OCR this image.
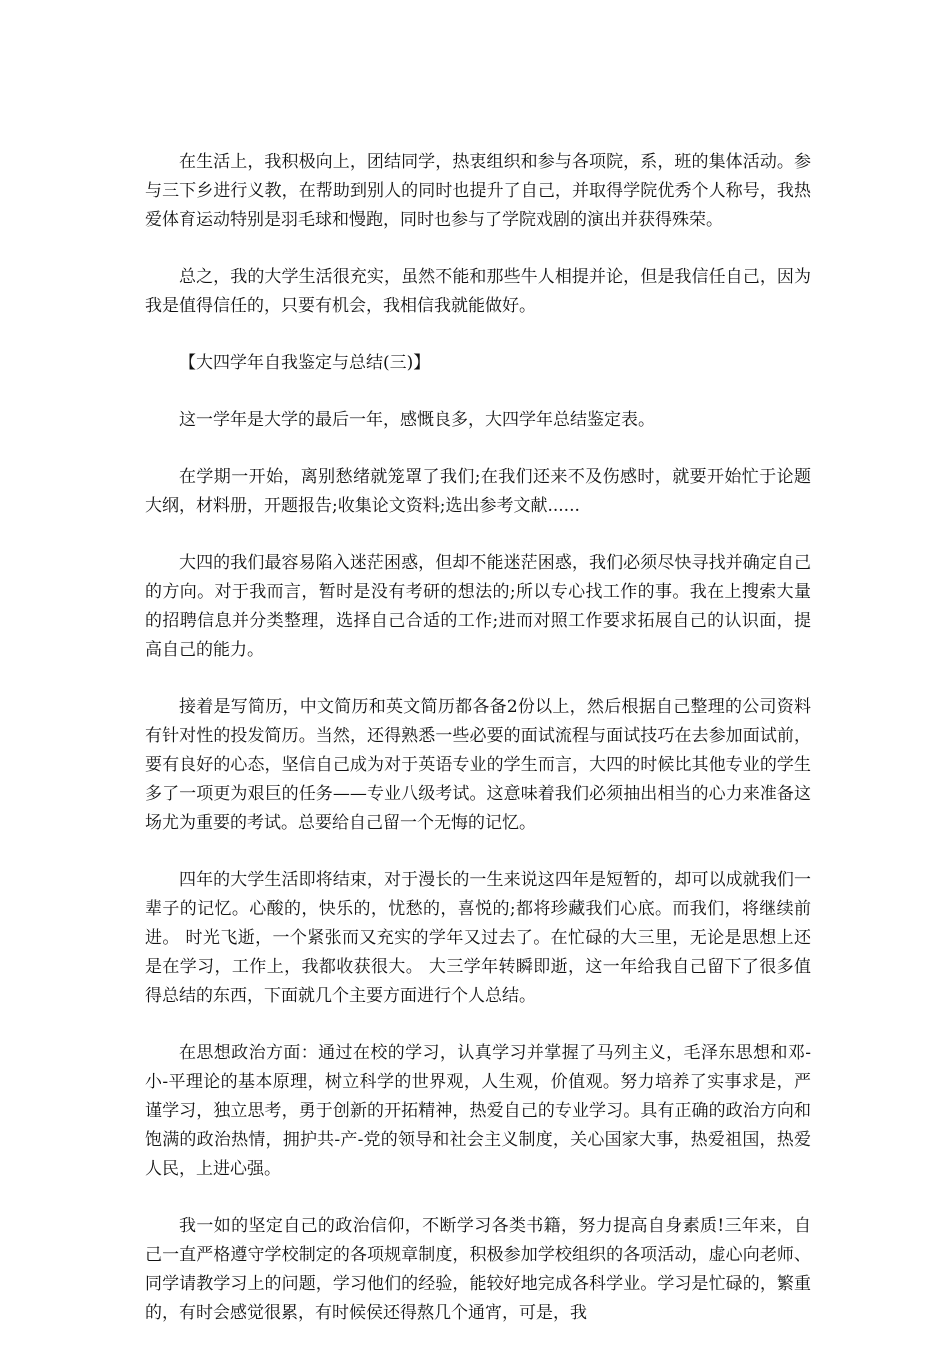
在生活上，我积极向上，团结同学，热衷组织和参与各项院，系，班的集体活动。参与三下乡进行义教，在帮助到别人的同时也提升了自己，并取得学院优秀个人称号，我热爱体育运动特别是羽毛球和慢跑，同时也参与了学院戏剧的演出并获得殊荣。

总之，我的大学生活很充实，虽然不能和那些牛人相提并论，但是我信任自己，因为我是值得信任的，只要有机会，我相信我就能做好。

【大四学年自我鉴定与总结(三)】

这一学年是大学的最后一年，感慨良多，大四学年总结鉴定表。

在学期一开始，离别愁绪就笼罩了我们;在我们还来不及伤感时，就要开始忙于论题大纲，材料册，开题报告;收集论文资料;选出参考文献......

大四的我们最容易陷入迷茫困惑，但却不能迷茫困惑，我们必须尽快寻找并确定自己的方向。对于我而言，暂时是没有考研的想法的;所以专心找工作的事。我在上搜索大量的招聘信息并分类整理，选择自己合适的工作;进而对照工作要求拓展自己的认识面，提高自己的能力。

接着是写简历，中文简历和英文简历都各备2份以上，然后根据自己整理的公司资料有针对性的投发简历。当然，还得熟悉一些必要的面试流程与面试技巧在去参加面试前，要有良好的心态，坚信自己成为对于英语专业的学生而言，大四的时候比其他专业的学生多了一项更为艰巨的任务——专业八级考试。这意味着我们必须抽出相当的心力来准备这场尤为重要的考试。总要给自己留一个无悔的记忆。

四年的大学生活即将结束，对于漫长的一生来说这四年是短暂的，却可以成就我们一辈子的记忆。心酸的，快乐的，忧愁的，喜悦的;都将珍藏我们心底。而我们，将继续前进。 时光飞逝，一个紧张而又充实的学年又过去了。在忙碌的大三里，无论是思想上还是在学习，工作上，我都收获很大。 大三学年转瞬即逝，这一年给我自己留下了很多值得总结的东西，下面就几个主要方面进行个人总结。

在思想政治方面：通过在校的学习，认真学习并掌握了马列主义，毛泽东思想和邓-小-平理论的基本原理，树立科学的世界观，人生观，价值观。努力培养了实事求是，严谨学习，独立思考，勇于创新的开拓精神，热爱自己的专业学习。具有正确的政治方向和饱满的政治热情，拥护共-产-党的领导和社会主义制度，关心国家大事，热爱祖国，热爱人民，上进心强。

我一如的坚定自己的政治信仰，不断学习各类书籍，努力提高自身素质!三年来，自己一直严格遵守学校制定的各项规章制度，积极参加学校组织的各项活动，虚心向老师、同学请教学习上的问题，学习他们的经验，能较好地完成各科学业。学习是忙碌的，繁重的，有时会感觉很累，有时候侯还得熬几个通宵，可是，我
